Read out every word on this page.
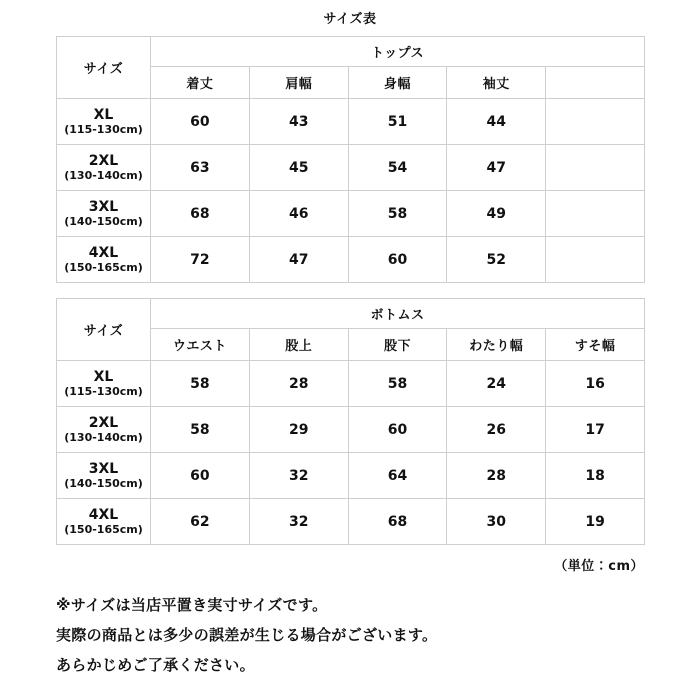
サイズ表
サイズ	トップス				
	着丈	肩幅	身幅	袖丈	

XL
(115-130cm)	60	43	51	44	

2XL
(130-140cm)	63	45	54	47	

3XL
(140-150cm)	68	46	58	49	

4XL
(150-165cm)	72	47	60	52	
サイズ	ボトムス				
	ウエスト	股上	股下	わたり幅	すそ幅

XL
(115-130cm)	58	28	58	24	16

2XL
(130-140cm)	58	29	60	26	17

3XL
(140-150cm)	60	32	64	28	18

4XL
(150-165cm)	62	32	68	30	19
（単位：cm）
※サイズは当店平置き実寸サイズです。
実際の商品とは多少の誤差が生じる場合がございます。
あらかじめご了承ください。
